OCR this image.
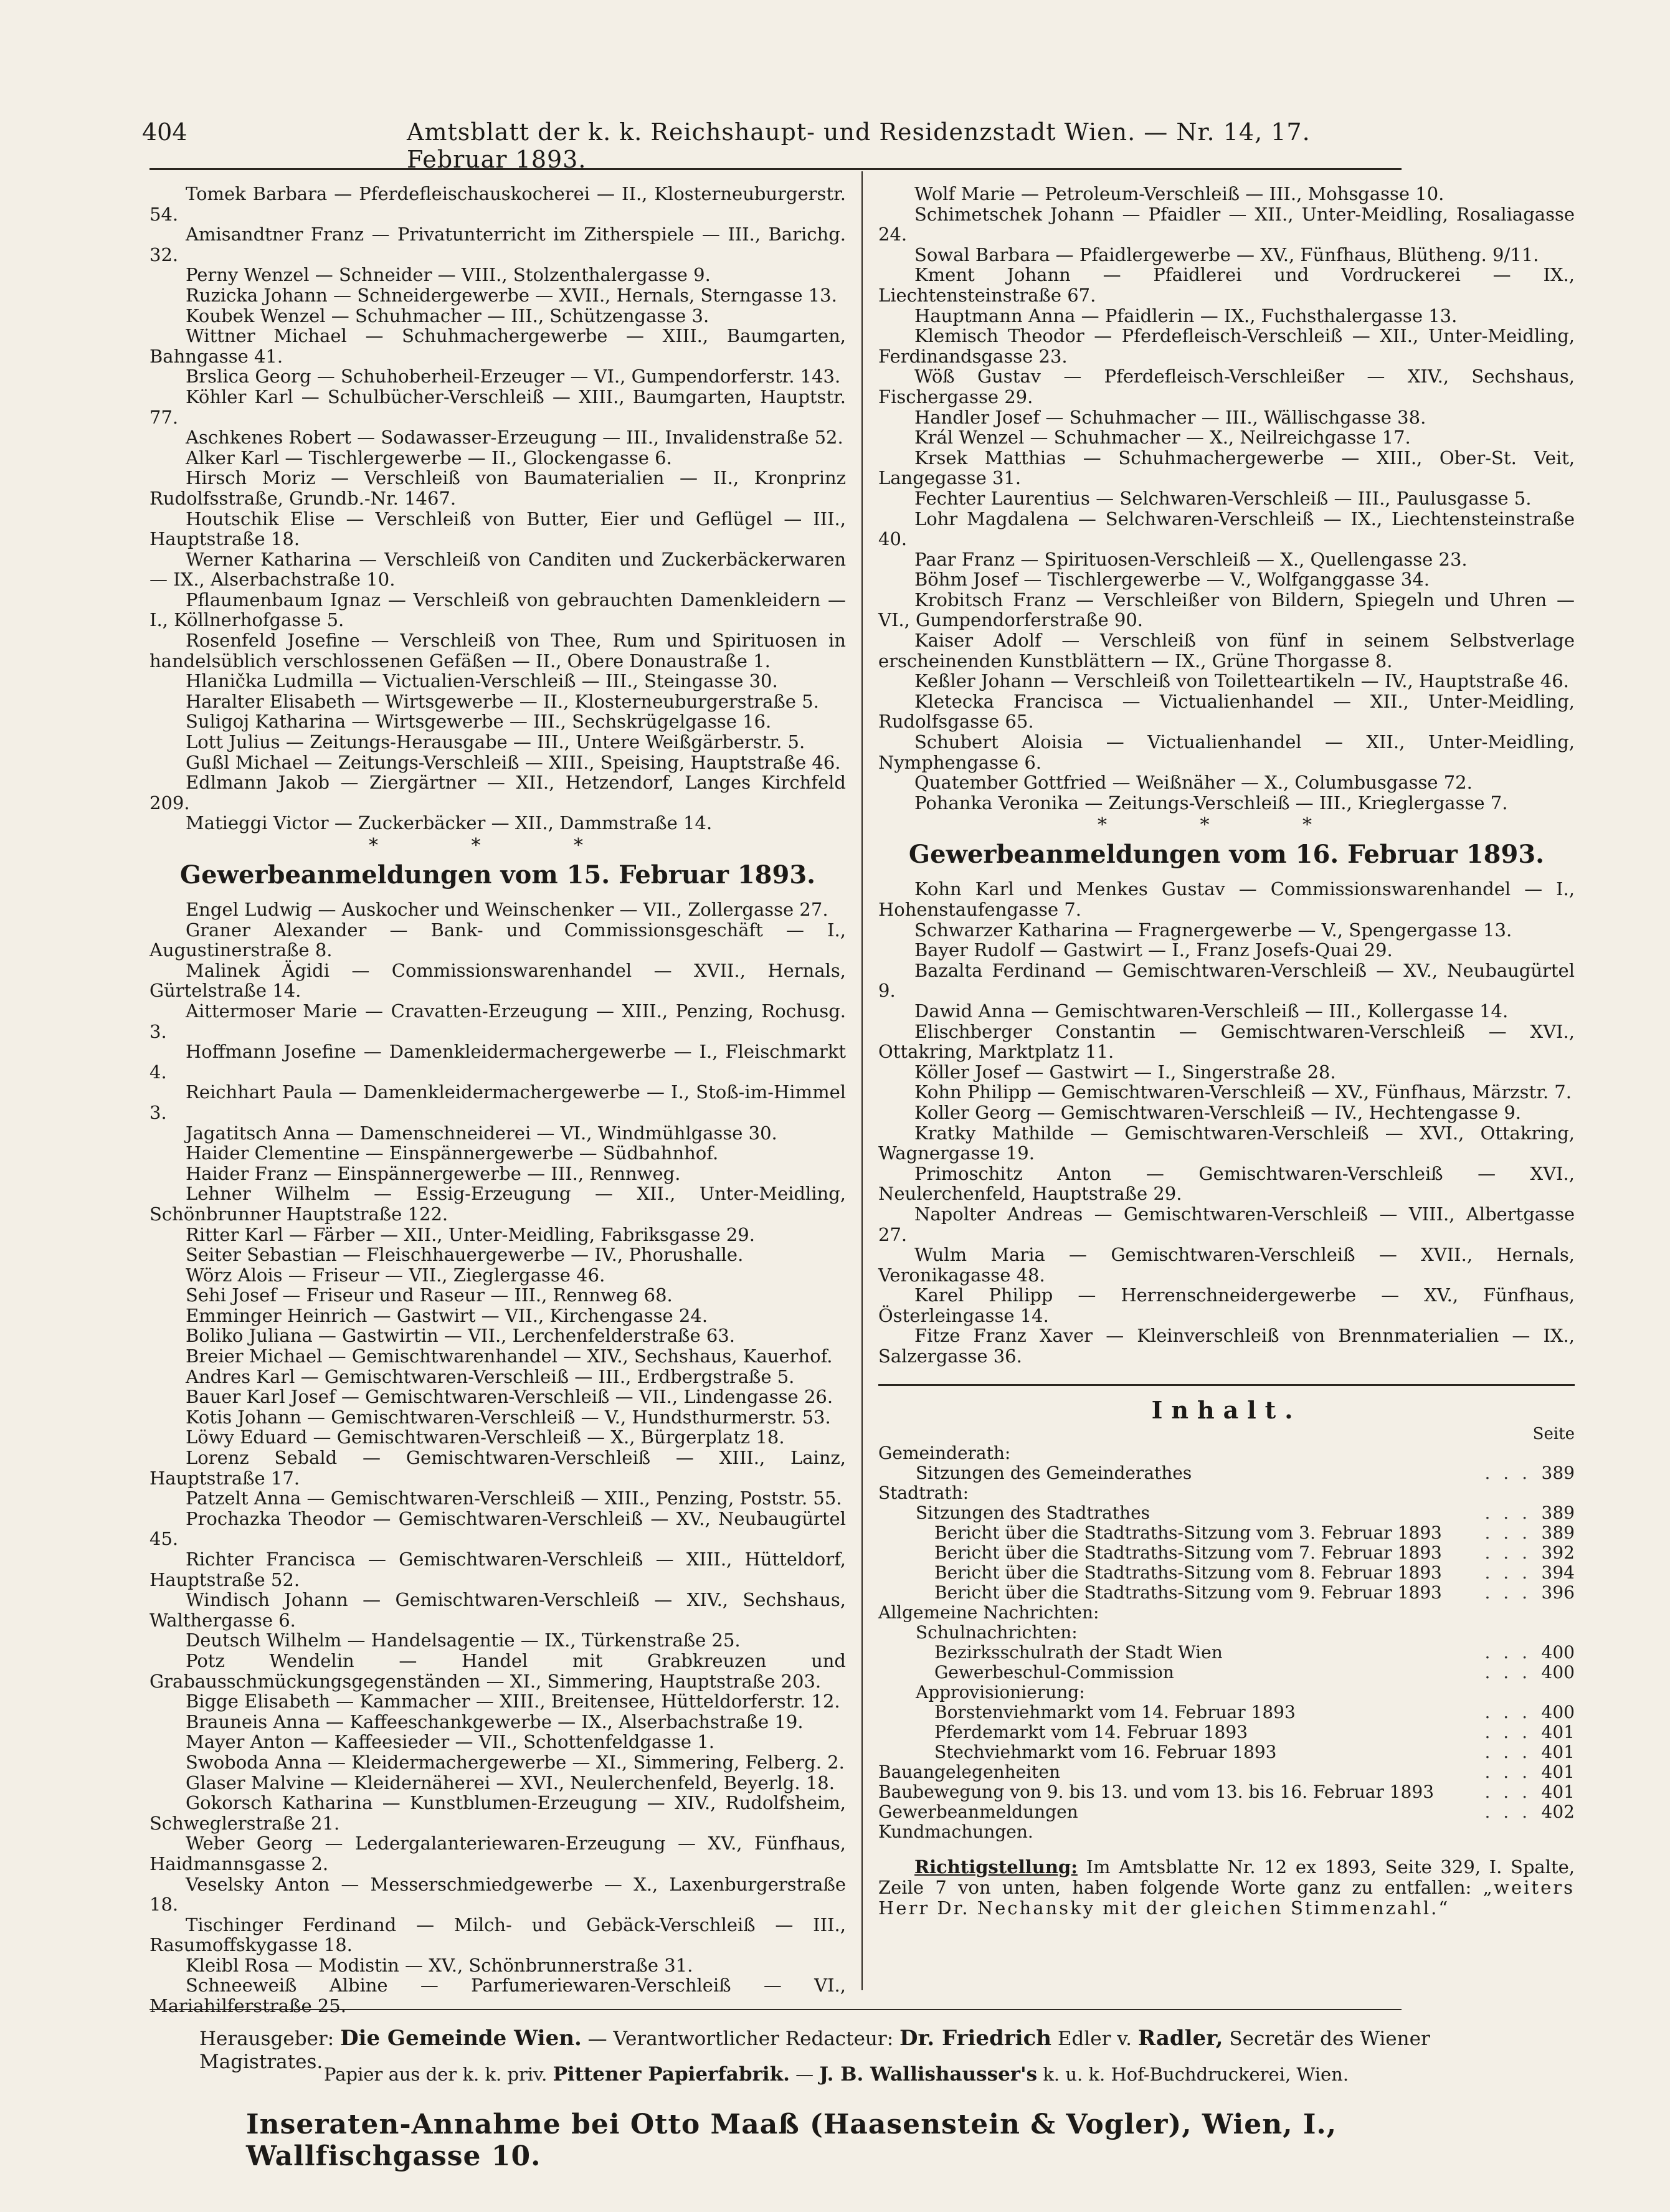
404	Amtsblatt der k. k. Reichshaupt- und Residenzstadt Wien. — Nr. 14, 17. Februar 1893.

Tomek Barbara — Pferdefleischauskocherei — II., Klosterneuburgerstr. 54.

Amisandtner Franz — Privatunterricht im Zitherspiele — III., Barichg. 32.

Perny Wenzel — Schneider — VIII., Stolzenthalergasse 9.

Ruzicka Johann — Schneidergewerbe — XVII., Hernals, Sterngasse 13.

Koubek Wenzel — Schuhmacher — III., Schützengasse 3.

Wittner Michael — Schuhmachergewerbe — XIII., Baumgarten, Bahngasse 41.

Brslica Georg — Schuhoberheil-Erzeuger — VI., Gumpendorferstr. 143.

Köhler Karl — Schulbücher-Verschleiß — XIII., Baumgarten, Hauptstr. 77.

Aschkenes Robert — Sodawasser-Erzeugung — III., Invalidenstraße 52.

Alker Karl — Tischlergewerbe — II., Glockengasse 6.

Hirsch Moriz — Verschleiß von Baumaterialien — II., Kronprinz Rudolfsstraße, Grundb.-Nr. 1467.

Houtschik Elise — Verschleiß von Butter, Eier und Geflügel — III., Hauptstraße 18.

Werner Katharina — Verschleiß von Canditen und Zuckerbäckerwaren — IX., Alserbachstraße 10.

Pflaumenbaum Ignaz — Verschleiß von gebrauchten Damenkleidern — I., Köllnerhofgasse 5.

Rosenfeld Josefine — Verschleiß von Thee, Rum und Spirituosen in handelsüblich verschlossenen Gefäßen — II., Obere Donaustraße 1.

Hlanička Ludmilla — Victualien-Verschleiß — III., Steingasse 30.

Haralter Elisabeth — Wirtsgewerbe — II., Klosterneuburgerstraße 5.

Suligoj Katharina — Wirtsgewerbe — III., Sechskrügelgasse 16.

Lott Julius — Zeitungs-Herausgabe — III., Untere Weißgärberstr. 5.

Gußl Michael — Zeitungs-Verschleiß — XIII., Speising, Hauptstraße 46.

Edlmann Jakob — Ziergärtner — XII., Hetzendorf, Langes Kirchfeld 209.

Matieggi Victor — Zuckerbäcker — XII., Dammstraße 14.

* * *
Gewerbeanmeldungen vom 15. Februar 1893.

Engel Ludwig — Auskocher und Weinschenker — VII., Zollergasse 27.

Graner Alexander — Bank- und Commissionsgeschäft — I., Augustinerstraße 8.

Malinek Ägidi — Commissionswarenhandel — XVII., Hernals, Gürtelstraße 14.

Aittermoser Marie — Cravatten-Erzeugung — XIII., Penzing, Rochusg. 3.

Hoffmann Josefine — Damenkleidermachergewerbe — I., Fleischmarkt 4.

Reichhart Paula — Damenkleidermachergewerbe — I., Stoß-im-Himmel 3.

Jagatitsch Anna — Damenschneiderei — VI., Windmühlgasse 30.

Haider Clementine — Einspännergewerbe — Südbahnhof.

Haider Franz — Einspännergewerbe — III., Rennweg.

Lehner Wilhelm — Essig-Erzeugung — XII., Unter-Meidling, Schönbrunner Hauptstraße 122.

Ritter Karl — Färber — XII., Unter-Meidling, Fabriksgasse 29.

Seiter Sebastian — Fleischhauergewerbe — IV., Phorushalle.

Wörz Alois — Friseur — VII., Zieglergasse 46.

Sehi Josef — Friseur und Raseur — III., Rennweg 68.

Emminger Heinrich — Gastwirt — VII., Kirchengasse 24.

Boliko Juliana — Gastwirtin — VII., Lerchenfelderstraße 63.

Breier Michael — Gemischtwarenhandel — XIV., Sechshaus, Kauerhof.

Andres Karl — Gemischtwaren-Verschleiß — III., Erdbergstraße 5.

Bauer Karl Josef — Gemischtwaren-Verschleiß — VII., Lindengasse 26.

Kotis Johann — Gemischtwaren-Verschleiß — V., Hundsthurmerstr. 53.

Löwy Eduard — Gemischtwaren-Verschleiß — X., Bürgerplatz 18.

Lorenz Sebald — Gemischtwaren-Verschleiß — XIII., Lainz, Hauptstraße 17.

Patzelt Anna — Gemischtwaren-Verschleiß — XIII., Penzing, Poststr. 55.

Prochazka Theodor — Gemischtwaren-Verschleiß — XV., Neubaugürtel 45.

Richter Francisca — Gemischtwaren-Verschleiß — XIII., Hütteldorf, Hauptstraße 52.

Windisch Johann — Gemischtwaren-Verschleiß — XIV., Sechshaus, Walthergasse 6.

Deutsch Wilhelm — Handelsagentie — IX., Türkenstraße 25.

Potz Wendelin — Handel mit Grabkreuzen und Grabausschmückungsgegenständen — XI., Simmering, Hauptstraße 203.

Bigge Elisabeth — Kammacher — XIII., Breitensee, Hütteldorferstr. 12.

Brauneis Anna — Kaffeeschankgewerbe — IX., Alserbachstraße 19.

Mayer Anton — Kaffeesieder — VII., Schottenfeldgasse 1.

Swoboda Anna — Kleidermachergewerbe — XI., Simmering, Felberg. 2.

Glaser Malvine — Kleidernäherei — XVI., Neulerchenfeld, Beyerlg. 18.

Gokorsch Katharina — Kunstblumen-Erzeugung — XIV., Rudolfsheim, Schweglerstraße 21.

Weber Georg — Ledergalanteriewaren-Erzeugung — XV., Fünfhaus, Haidmannsgasse 2.

Veselsky Anton — Messerschmiedgewerbe — X., Laxenburgerstraße 18.

Tischinger Ferdinand — Milch- und Gebäck-Verschleiß — III., Rasumoffskygasse 18.

Kleibl Rosa — Modistin — XV., Schönbrunnerstraße 31.

Schneeweiß Albine — Parfumeriewaren-Verschleiß — VI., Mariahilferstraße 25.

Wolf Marie — Petroleum-Verschleiß — III., Mohsgasse 10.

Schimetschek Johann — Pfaidler — XII., Unter-Meidling, Rosaliagasse 24.

Sowal Barbara — Pfaidlergewerbe — XV., Fünfhaus, Blütheng. 9/11.

Kment Johann — Pfaidlerei und Vordruckerei — IX., Liechtensteinstraße 67.

Hauptmann Anna — Pfaidlerin — IX., Fuchsthalergasse 13.

Klemisch Theodor — Pferdefleisch-Verschleiß — XII., Unter-Meidling, Ferdinandsgasse 23.

Wöß Gustav — Pferdefleisch-Verschleißer — XIV., Sechshaus, Fischergasse 29.

Handler Josef — Schuhmacher — III., Wällischgasse 38.

Král Wenzel — Schuhmacher — X., Neilreichgasse 17.

Krsek Matthias — Schuhmachergewerbe — XIII., Ober-St. Veit, Langegasse 31.

Fechter Laurentius — Selchwaren-Verschleiß — III., Paulusgasse 5.

Lohr Magdalena — Selchwaren-Verschleiß — IX., Liechtensteinstraße 40.

Paar Franz — Spirituosen-Verschleiß — X., Quellengasse 23.

Böhm Josef — Tischlergewerbe — V., Wolfganggasse 34.

Krobitsch Franz — Verschleißer von Bildern, Spiegeln und Uhren — VI., Gumpendorferstraße 90.

Kaiser Adolf — Verschleiß von fünf in seinem Selbstverlage erscheinenden Kunstblättern — IX., Grüne Thorgasse 8.

Keßler Johann — Verschleiß von Toiletteartikeln — IV., Hauptstraße 46.

Kletecka Francisca — Victualienhandel — XII., Unter-Meidling, Rudolfsgasse 65.

Schubert Aloisia — Victualienhandel — XII., Unter-Meidling, Nymphengasse 6.

Quatember Gottfried — Weißnäher — X., Columbusgasse 72.

Pohanka Veronika — Zeitungs-Verschleiß — III., Krieglergasse 7.

* * *
Gewerbeanmeldungen vom 16. Februar 1893.

Kohn Karl und Menkes Gustav — Commissionswarenhandel — I., Hohenstaufengasse 7.

Schwarzer Katharina — Fragnergewerbe — V., Spengergasse 13.

Bayer Rudolf — Gastwirt — I., Franz Josefs-Quai 29.

Bazalta Ferdinand — Gemischtwaren-Verschleiß — XV., Neubaugürtel 9.

Dawid Anna — Gemischtwaren-Verschleiß — III., Kollergasse 14.

Elischberger Constantin — Gemischtwaren-Verschleiß — XVI., Ottakring, Marktplatz 11.

Köller Josef — Gastwirt — I., Singerstraße 28.

Kohn Philipp — Gemischtwaren-Verschleiß — XV., Fünfhaus, Märzstr. 7.

Koller Georg — Gemischtwaren-Verschleiß — IV., Hechtengasse 9.

Kratky Mathilde — Gemischtwaren-Verschleiß — XVI., Ottakring, Wagnergasse 19.

Primoschitz Anton — Gemischtwaren-Verschleiß — XVI., Neulerchenfeld, Hauptstraße 29.

Napolter Andreas — Gemischtwaren-Verschleiß — VIII., Albertgasse 27.

Wulm Maria — Gemischtwaren-Verschleiß — XVII., Hernals, Veronikagasse 48.

Karel Philipp — Herrenschneidergewerbe — XV., Fünfhaus, Österleingasse 14.

Fitze Franz Xaver — Kleinverschleiß von Brennmaterialien — IX., Salzergasse 36.

Inhalt.
Seite
Gemeinderath:
Sitzungen des Gemeinderathes	. . . 389
Stadtrath:
Sitzungen des Stadtrathes	. . . 389
Bericht über die Stadtraths-Sitzung vom 3. Februar 1893 . . . 389
Bericht über die Stadtraths-Sitzung vom 7. Februar 1893 . . . 392
Bericht über die Stadtraths-Sitzung vom 8. Februar 1893 . . . 394
Bericht über die Stadtraths-Sitzung vom 9. Februar 1893 . . . 396
Allgemeine Nachrichten:
Schulnachrichten:
Bezirksschulrath der Stadt Wien	. . . 400
Gewerbeschul-Commission	. . . 400
Approvisionierung:
Borstenviehmarkt vom 14. Februar 1893	. . . 400
Pferdemarkt vom 14. Februar 1893	. . . 401
Stechviehmarkt vom 16. Februar 1893	. . . 401
Bauangelegenheiten	. . . 401
Baubewegung von 9. bis 13. und vom 13. bis 16. Februar 1893	. . . 401
Gewerbeanmeldungen	. . . 402
Kundmachungen.
Richtigstellung: Im Amtsblatte Nr. 12 ex 1893, Seite 329, I. Spalte, Zeile 7 von unten, haben folgende Worte ganz zu entfallen: „weiters Herr Dr. Nechansky mit der gleichen Stimmenzahl.“
Herausgeber: Die Gemeinde Wien. — Verantwortlicher Redacteur: Dr. Friedrich Edler v. Radler, Secretär des Wiener Magistrates.
Papier aus der k. k. priv. Pittener Papierfabrik. — J. B. Wallishausser's k. u. k. Hof-Buchdruckerei, Wien.
Inseraten-Annahme bei Otto Maaß (Haasenstein & Vogler), Wien, I., Wallfischgasse 10.
